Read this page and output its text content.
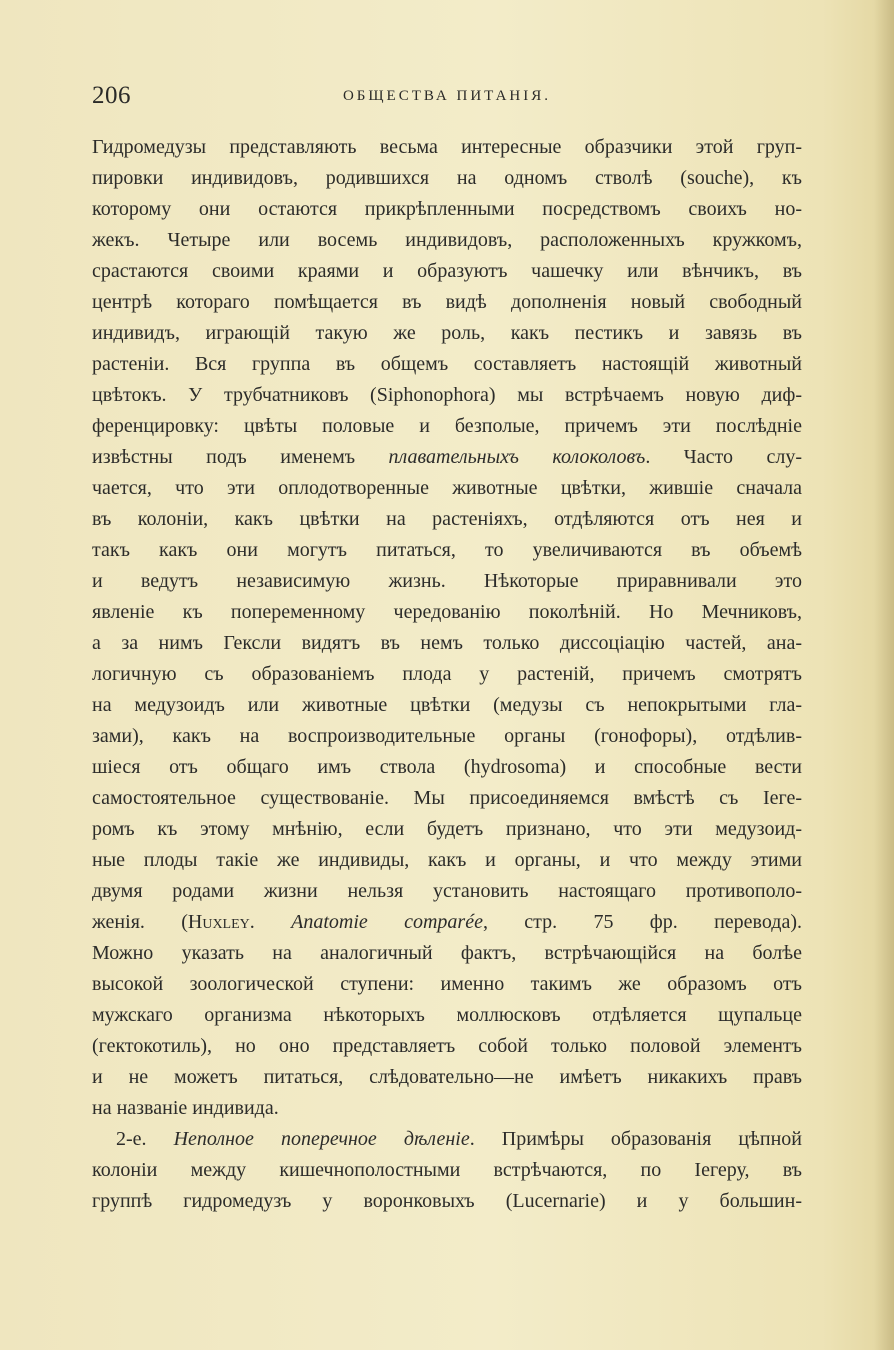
206	ОБЩЕСТВА ПИТАНІЯ.
Гидромедузы представляють весьма интересные образчики этой груп-
пировки индивидовъ, родившихся на одномъ стволѣ (souche), къ
которому они остаются прикрѣпленными посредствомъ своихъ но-
жекъ. Четыре или восемь индивидовъ, расположенныхъ кружкомъ,
срастаются своими краями и образуютъ чашечку или вѣнчикъ, въ
центрѣ котораго помѣщается въ видѣ дополненія новый свободный
индивидъ, играющій такую же роль, какъ пестикъ и завязь въ
растеніи. Вся группа въ общемъ составляетъ настоящій животный
цвѣтокъ. У трубчатниковъ (Siphonophora) мы встрѣчаемъ новую диф-
ференцировку: цвѣты половые и безполые, причемъ эти послѣдніе
извѣстны подъ именемъ плавательныхъ колоколовъ. Часто слу-
чается, что эти оплодотворенные животные цвѣтки, жившіе сначала
въ колоніи, какъ цвѣтки на растеніяхъ, отдѣляются отъ нея и
такъ какъ они могутъ питаться, то увеличиваются въ объемѣ
и ведутъ независимую жизнь. Нѣкоторые приравнивали это
явленіе къ попеременному чередованію поколѣній. Но Мечниковъ,
а за нимъ Гексли видятъ въ немъ только диссоціацію частей, ана-
логичную съ образованіемъ плода у растеній, причемъ смотрятъ
на медузоидъ или животные цвѣтки (медузы съ непокрытыми гла-
зами), какъ на воспроизводительные органы (гонофоры), отдѣлив-
шіеся отъ общаго имъ ствола (hydrosoma) и способные вести
самостоятельное существованіе. Мы присоединяемся вмѣстѣ съ Іеге-
ромъ къ этому мнѣнію, если будетъ признано, что эти медузоид-
ные плоды такіе же индивиды, какъ и органы, и что между этими
двумя родами жизни нельзя установить настоящаго противополо-
женія. (Huxley. Anatomie comparée, стр. 75 фр. перевода).
Можно указать на аналогичный фактъ, встрѣчающійся на болѣе
высокой зоологической ступени: именно такимъ же образомъ отъ
мужскаго организма нѣкоторыхъ моллюсковъ отдѣляется щупальце
(гектокотиль), но оно представляетъ собой только половой элементъ
и не можетъ питаться, слѣдовательно—не имѣетъ никакихъ правъ
на названіе индивида.
2-е. Неполное поперечное дѣленіе. Примѣры образованія цѣпной
колоніи между кишечнополостными встрѣчаются, по Іегеру, въ
группѣ гидромедузъ у воронковыхъ (Lucernarie) и у большин-
